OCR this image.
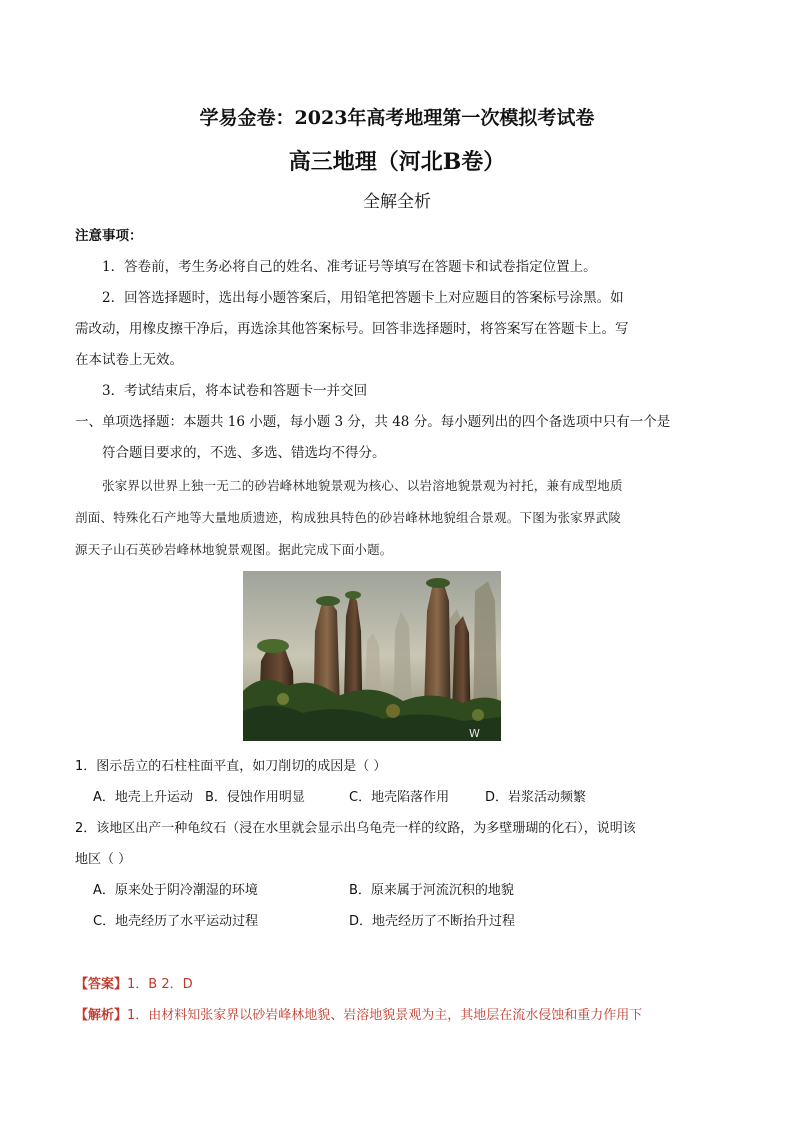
学易金卷：2023年高考地理第一次模拟考试卷
高三地理（河北B卷）
全解全析
注意事项：
1．答卷前，考生务必将自己的姓名、准考证号等填写在答题卡和试卷指定位置上。
2．回答选择题时，选出每小题答案后，用铅笔把答题卡上对应题目的答案标号涂黑。如
需改动，用橡皮擦干净后，再选涂其他答案标号。回答非选择题时，将答案写在答题卡上。写
在本试卷上无效。
3．考试结束后，将本试卷和答题卡一并交回
一、单项选择题：本题共 16 小题，每小题 3 分，共 48 分。每小题列出的四个备选项中只有一个是
符合题目要求的，不选、多选、错选均不得分。
张家界以世界上独一无二的砂岩峰林地貌景观为核心、以岩溶地貌景观为衬托，兼有成型地质
剖面、特殊化石产地等大量地质遗迹，构成独具特色的砂岩峰林地貌组合景观。下图为张家界武陵
源天子山石英砂岩峰林地貌景观图。据此完成下面小题。
W
1．图示岳立的石柱柱面平直，如刀削切的成因是（ ）
A．地壳上升运动 B．侵蚀作用明显	C．地壳陷落作用	D．岩浆活动频繁
2．该地区出产一种龟纹石（浸在水里就会显示出乌龟壳一样的纹路，为多壁珊瑚的化石），说明该
地区（ ）
A．原来处于阴冷潮湿的环境	B．原来属于河流沉积的地貌
C．地壳经历了水平运动过程	D．地壳经历了不断抬升过程
【答案】1．B 2．D
【解析】1．由材料知张家界以砂岩峰林地貌、岩溶地貌景观为主，其地层在流水侵蚀和重力作用下
